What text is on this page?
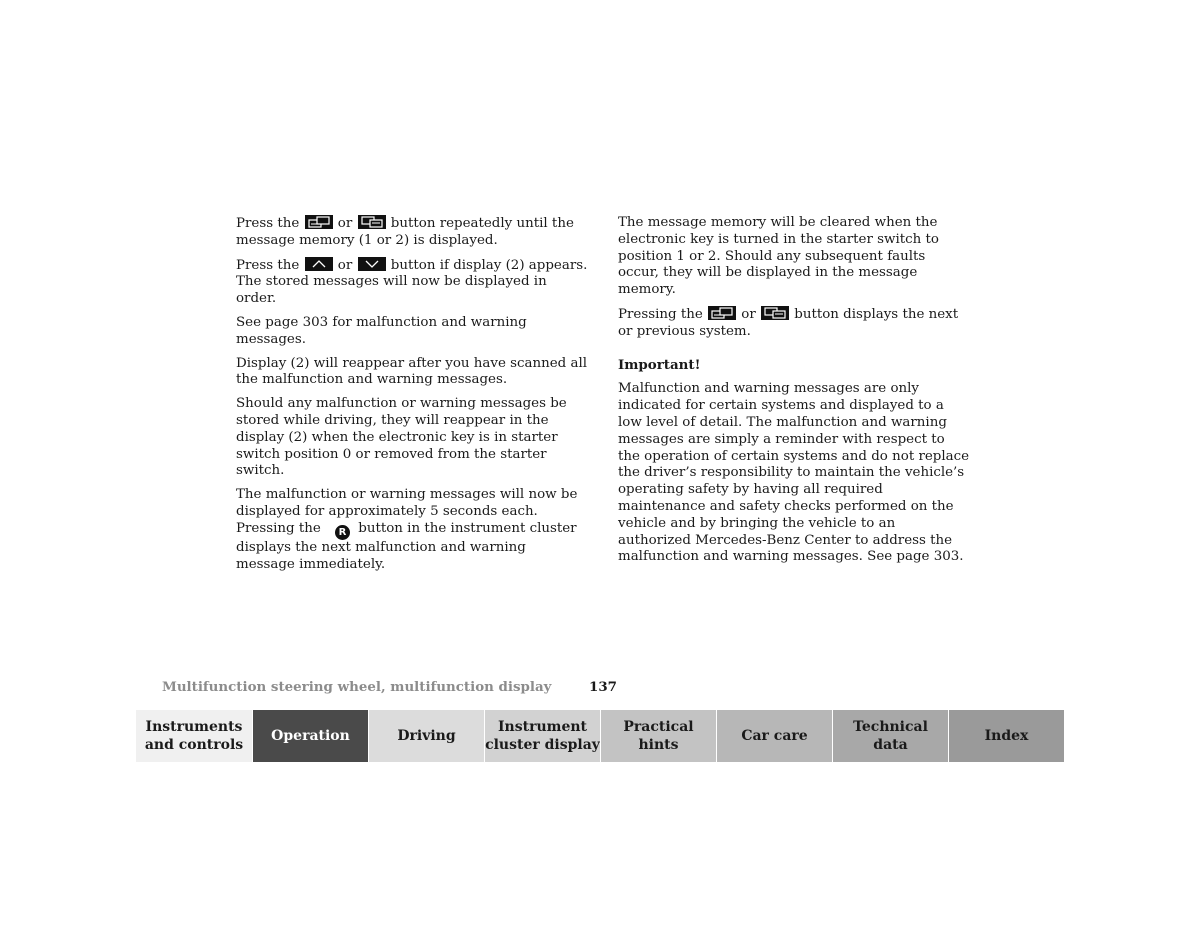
Press the	or	button repeatedly until the message memory (1 or 2) is displayed.

Press the	or	button if display (2) appears. The stored messages will now be displayed in order.

See page 303 for malfunction and warning messages.

Display (2) will reappear after you have scanned all the malfunction and warning messages.

Should any malfunction or warning messages be stored while driving, they will reappear in the display (2) when the electronic key is in starter switch position 0 or removed from the starter switch.

The malfunction or warning messages will now be displayed for approximately 5 seconds each. Pressing the R button in the instrument cluster displays the next malfunction and warning message immediately.

The message memory will be cleared when the electronic key is turned in the starter switch to position 1 or 2. Should any subsequent faults occur, they will be displayed in the message memory.

Pressing the	or	button displays the next or previous system.

Important!

Malfunction and warning messages are only indicated for certain systems and displayed to a low level of detail. The malfunction and warning messages are simply a reminder with respect to the operation of certain systems and do not replace the driver’s responsibility to maintain the vehicle’s operating safety by having all required maintenance and safety checks performed on the vehicle and by bringing the vehicle to an authorized Mercedes-Benz Center to address the malfunction and warning messages. See page 303.

Multifunction steering wheel, multifunction display	137
Instruments
and controls
Operation	Driving
Instrument
cluster display
Practical hints
Car care
Technical
data
Index
